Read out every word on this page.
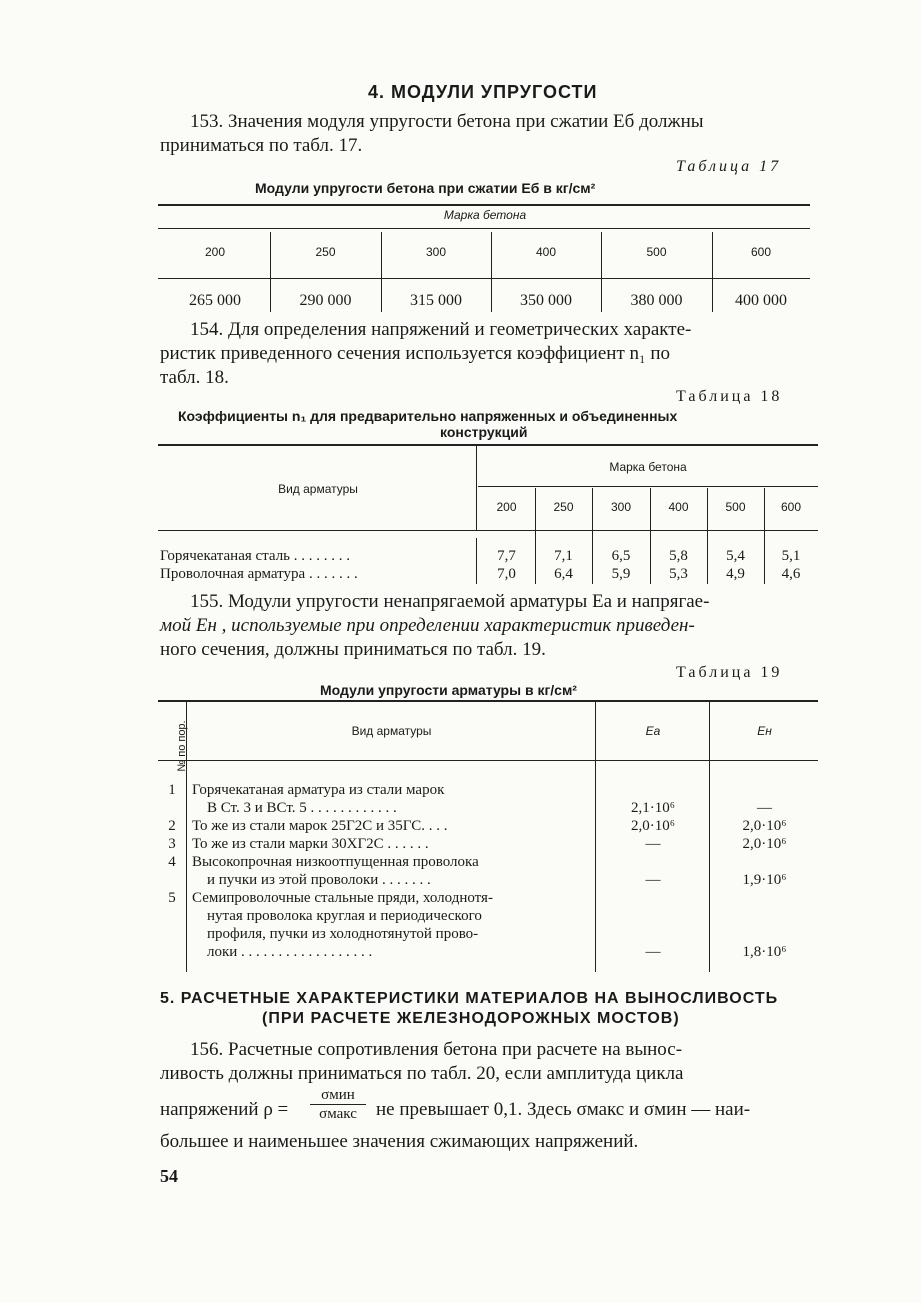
4. МОДУЛИ УПРУГОСТИ
153. Значения модуля упругости бетона при сжатии Eб должны
приниматься по табл. 17.
Таблица 17
Модули упругости бетона при сжатии Eб в кг/см²
Марка бетона
200	250	300	400	500	600
265 000	290 000	315 000	350 000	380 000	400 000
154. Для определения напряжений и геометрических характе-
ристик приведенного сечения используется коэффициент n₁ по
табл. 18.
Таблица 18
Коэффициенты n₁ для предварительно напряженных и объединенных
конструкций
Вид арматуры
Марка бетона
200	250	300	400	500	600
Горячекатаная сталь . . . . . . . .	7,7	7,1	6,5	5,8	5,4	5,1
Проволочная арматура . . . . . . .	7,0	6,4	5,9	5,3	4,9	4,6
155. Модули упругости ненапрягаемой арматуры Eа и напрягае-
мой Eн , используемые при определении характеристик приведен-
ного сечения, должны приниматься по табл. 19.
Таблица 19
Модули упругости арматуры в кг/см²
№ по пор.	Вид арматуры	Eа	Eн
1	Горячекатаная арматура из стали марок
В Ст. 3 и ВСт. 5 . . . . . . . . . . . .	2,1·10⁶	—
2	То же из стали марок 25Г2С и 35ГС. . . .	2,0·10⁶	2,0·10⁶
3	То же из стали марки 30ХГ2С . . . . . .	—	2,0·10⁶
4	Высокопрочная низкоотпущенная проволока
и пучки из этой проволоки . . . . . . .	—	1,9·10⁶
5	Семипроволочные стальные пряди, холоднотя-
нутая проволока круглая и периодического
профиля, пучки из холоднотянутой прово-
локи . . . . . . . . . . . . . . . . . .	—	1,8·10⁶
5. РАСЧЕТНЫЕ ХАРАКТЕРИСТИКИ МАТЕРИАЛОВ НА ВЫНОСЛИВОСТЬ
(ПРИ РАСЧЕТЕ ЖЕЛЕЗНОДОРОЖНЫХ МОСТОВ)
156. Расчетные сопротивления бетона при расчете на вынос-
ливость должны приниматься по табл. 20, если амплитуда цикла
напряжений ρ =
σмин
σмакс	не превышает 0,1. Здесь σмакс и σмин — наи-
большее и наименьшее значения сжимающих напряжений.
54
